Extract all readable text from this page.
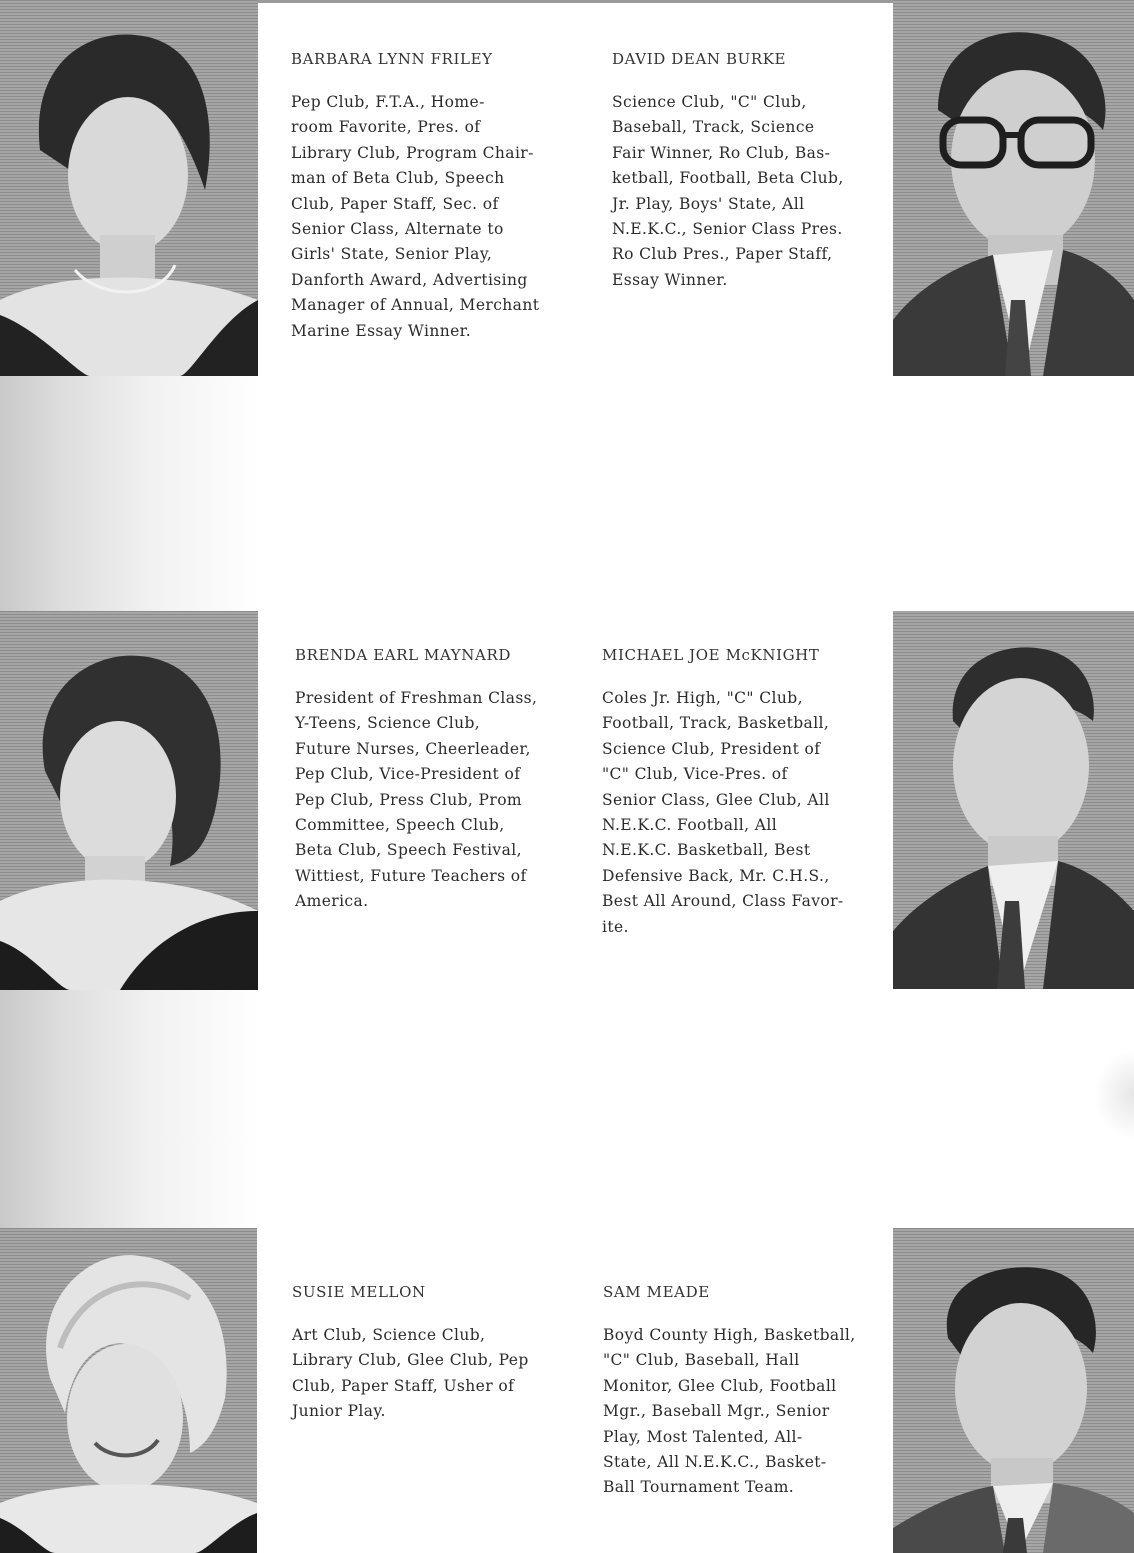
BARBARA LYNN FRILEY

Pep Club, F.T.A., Home-
room Favorite, Pres. of
Library Club, Program Chair-
man of Beta Club, Speech
Club, Paper Staff, Sec. of
Senior Class, Alternate to
Girls' State, Senior Play,
Danforth Award, Advertising
Manager of Annual, Merchant
Marine Essay Winner.

DAVID DEAN BURKE

Science Club, "C" Club,
Baseball, Track, Science
Fair Winner, Ro Club, Bas-
ketball, Football, Beta Club,
Jr. Play, Boys' State, All
N.E.K.C., Senior Class Pres.
Ro Club Pres., Paper Staff,
Essay Winner.

BRENDA EARL MAYNARD

President of Freshman Class,
Y-Teens, Science Club,
Future Nurses, Cheerleader,
Pep Club, Vice-President of
Pep Club, Press Club, Prom
Committee, Speech Club,
Beta Club, Speech Festival,
Wittiest, Future Teachers of
America.

MICHAEL JOE McKNIGHT

Coles Jr. High, "C" Club,
Football, Track, Basketball,
Science Club, President of
"C" Club, Vice-Pres. of
Senior Class, Glee Club, All
N.E.K.C. Football, All
N.E.K.C. Basketball, Best
Defensive Back, Mr. C.H.S.,
Best All Around, Class Favor-
ite.

SUSIE MELLON

Art Club, Science Club,
Library Club, Glee Club, Pep
Club, Paper Staff, Usher of
Junior Play.

SAM MEADE

Boyd County High, Basketball,
"C" Club, Baseball, Hall
Monitor, Glee Club, Football
Mgr., Baseball Mgr., Senior
Play, Most Talented, All-
State, All N.E.K.C., Basket-
Ball Tournament Team.
